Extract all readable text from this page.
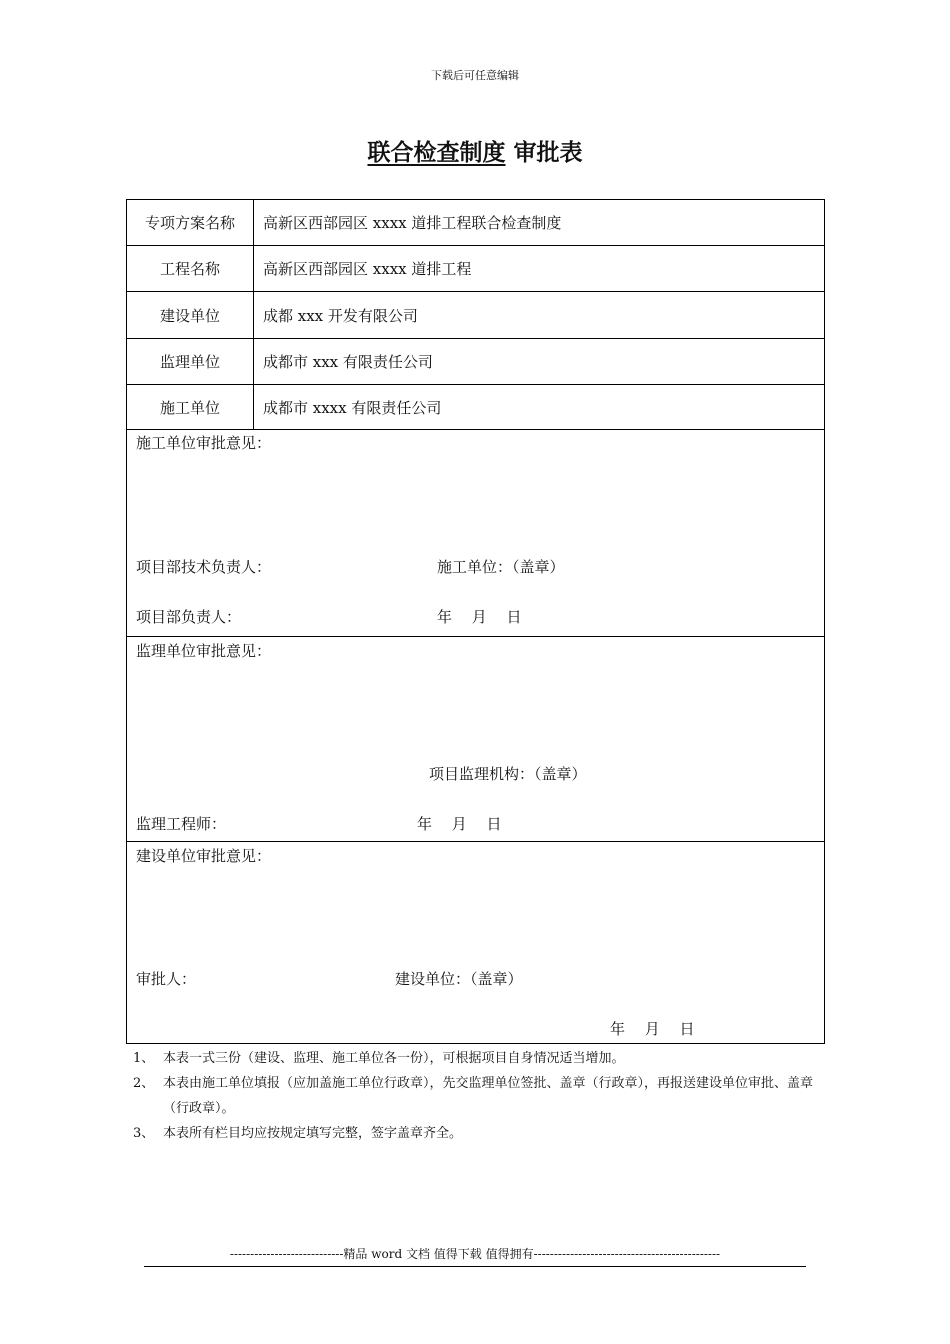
下载后可任意编辑
联合检查制度 审批表
专项方案名称	高新区西部园区 xxxx 道排工程联合检查制度
工程名称	高新区西部园区 xxxx 道排工程
建设单位	成都 xxx 开发有限公司
监理单位	成都市 xxx 有限责任公司
施工单位	成都市 xxxx 有限责任公司
施工单位审批意见：
项目部技术负责人：	施工单位：（盖章）
项目部负责人：	年　 月　 日
监理单位审批意见：
项目监理机构：（盖章）
监理工程师：	年　 月　 日
建设单位审批意见：
审批人：	建设单位：（盖章）
年　 月　 日
1、 本表一式三份（建设、监理、施工单位各一份），可根据项目自身情况适当增加。
2、 本表由施工单位填报（应加盖施工单位行政章），先交监理单位签批、盖章（行政章），再报送建设单位审批、盖章（行政章）。
3、 本表所有栏目均应按规定填写完整，签字盖章齐全。
----------------------------精品 word 文档 值得下载 值得拥有----------------------------------------------
